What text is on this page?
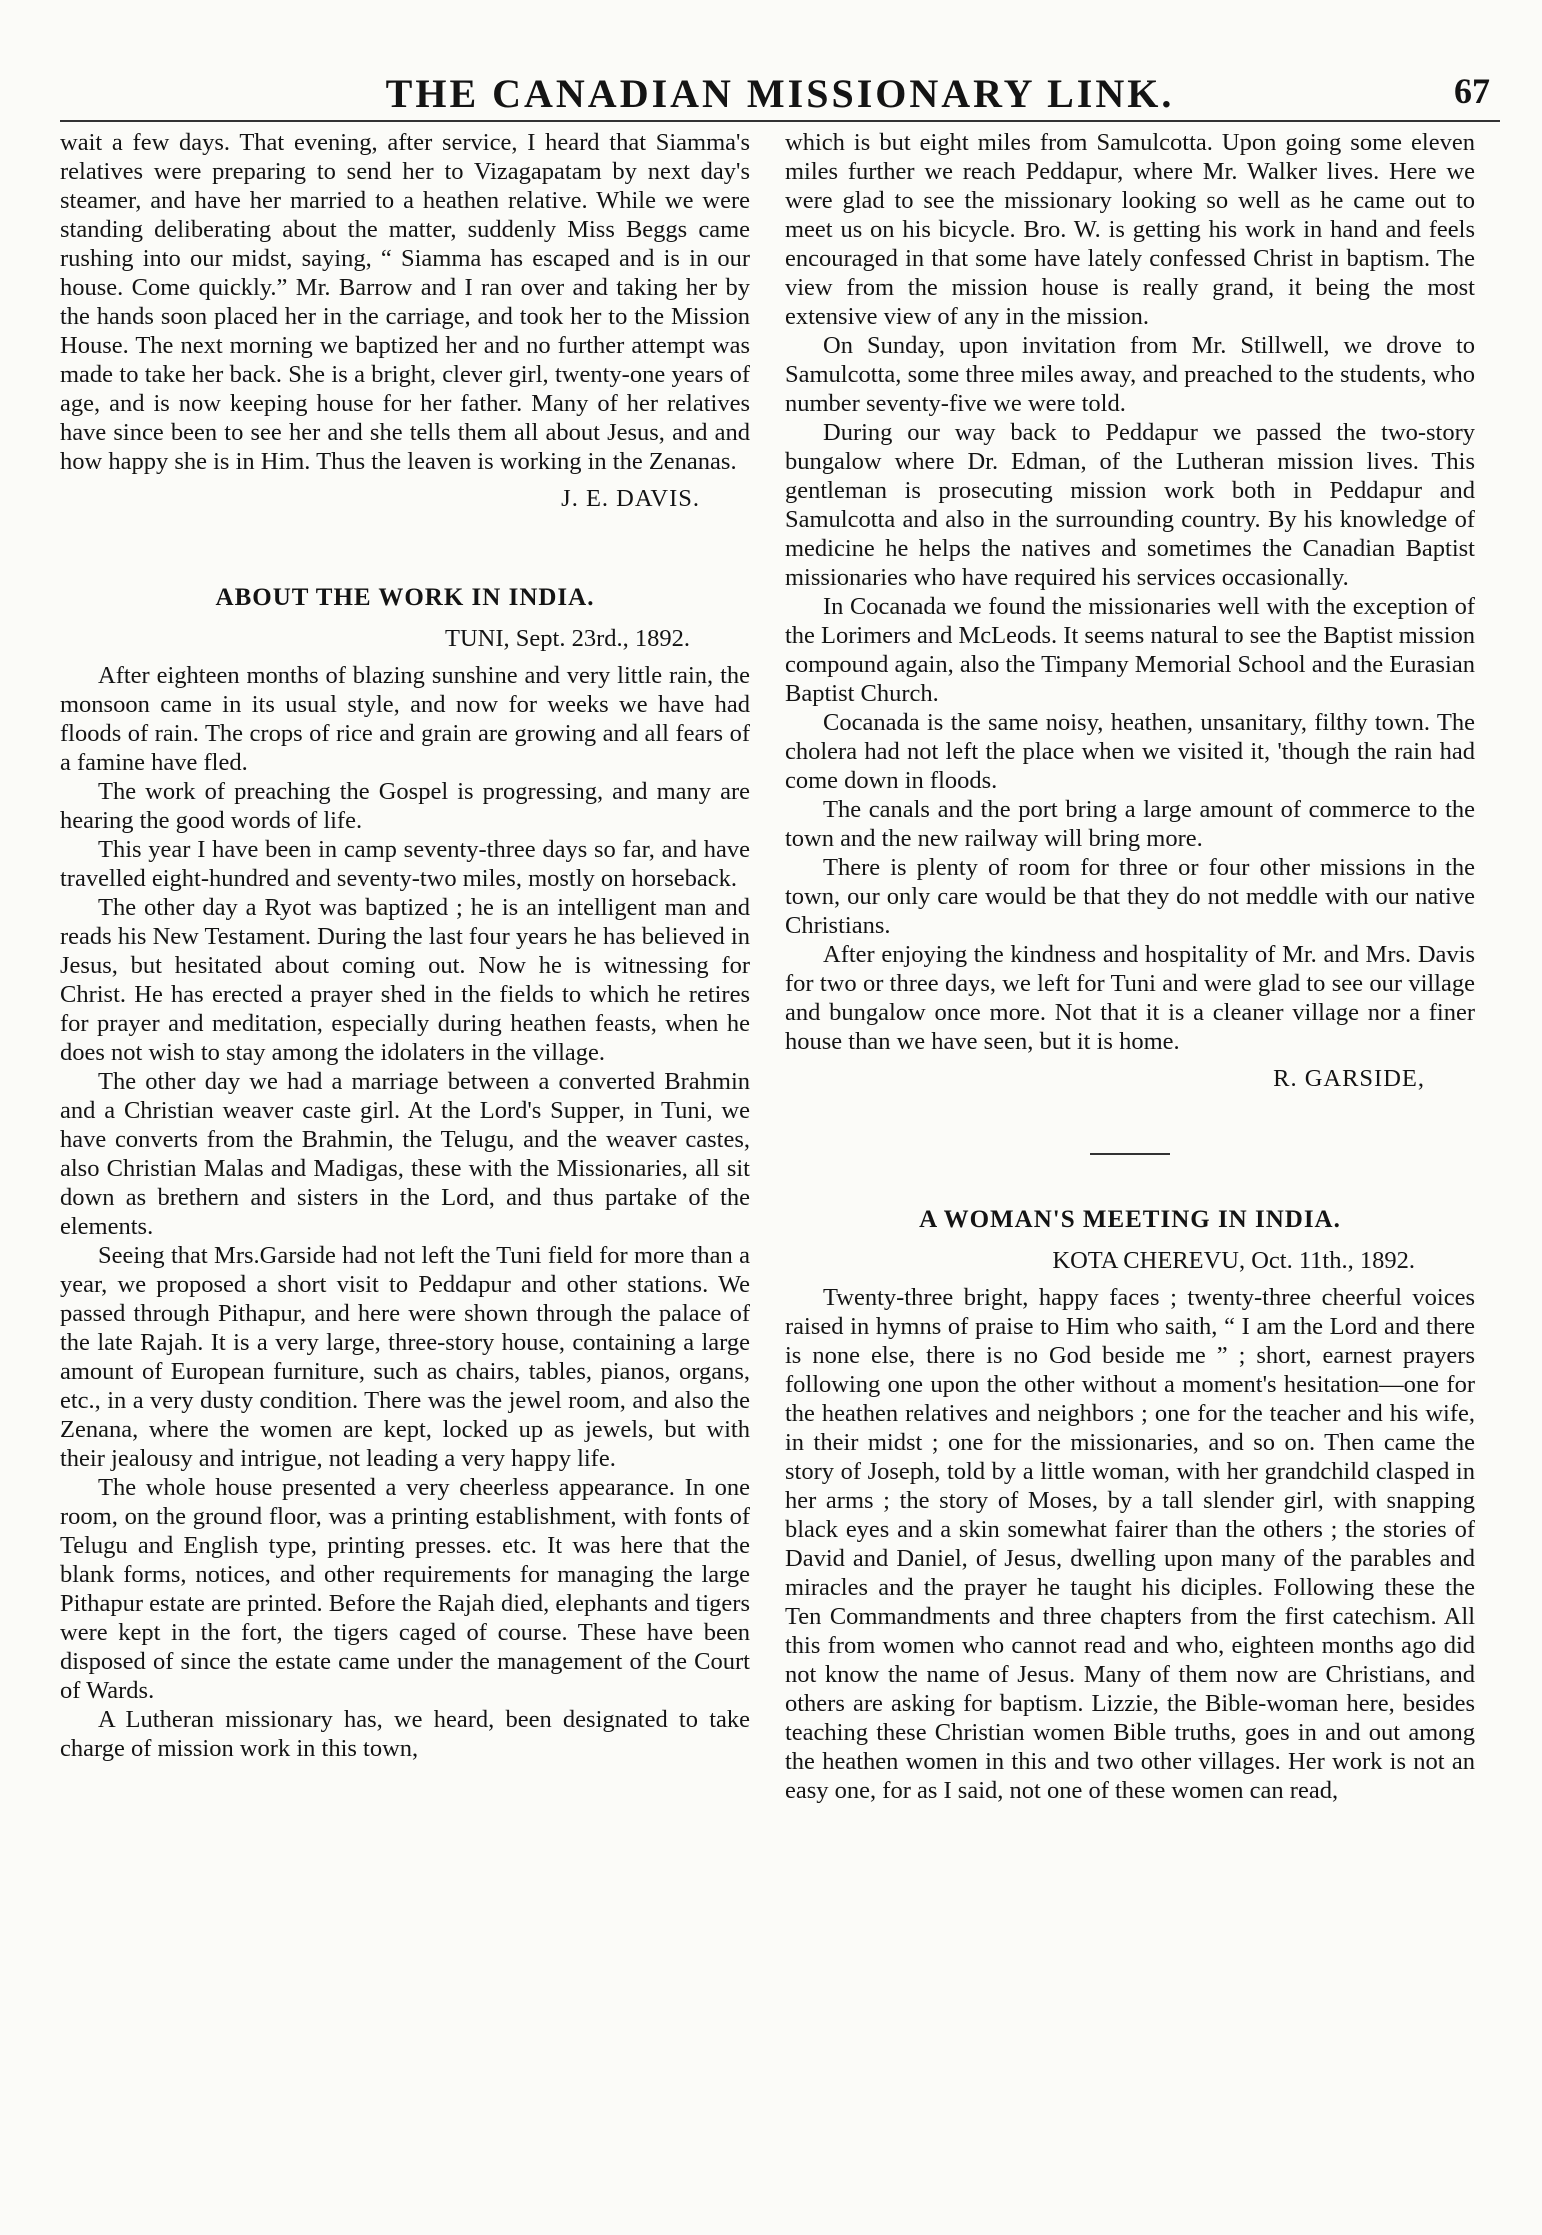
THE CANADIAN MISSIONARY LINK.	67

wait a few days. That evening, after service, I heard that Siamma's relatives were preparing to send her to Vizagapatam by next day's steamer, and have her married to a heathen relative. While we were standing deliberating about the matter, suddenly Miss Beggs came rushing into our midst, saying, “ Siamma has escaped and is in our house. Come quickly.” Mr. Barrow and I ran over and taking her by the hands soon placed her in the carriage, and took her to the Mission House. The next morning we baptized her and no further attempt was made to take her back. She is a bright, clever girl, twenty-one years of age, and is now keeping house for her father. Many of her relatives have since been to see her and she tells them all about Jesus, and and how happy she is in Him. Thus the leaven is working in the Zenanas.

J. E. DAVIS.
ABOUT THE WORK IN INDIA.
TUNI, Sept. 23rd., 1892.

After eighteen months of blazing sunshine and very little rain, the monsoon came in its usual style, and now for weeks we have had floods of rain. The crops of rice and grain are growing and all fears of a famine have fled.

The work of preaching the Gospel is progressing, and many are hearing the good words of life.

This year I have been in camp seventy-three days so far, and have travelled eight-hundred and seventy-two miles, mostly on horseback.

The other day a Ryot was baptized ; he is an intelligent man and reads his New Testament. During the last four years he has believed in Jesus, but hesitated about coming out. Now he is witnessing for Christ. He has erected a prayer shed in the fields to which he retires for prayer and meditation, especially during heathen feasts, when he does not wish to stay among the idolaters in the village.

The other day we had a marriage between a converted Brahmin and a Christian weaver caste girl. At the Lord's Supper, in Tuni, we have converts from the Brahmin, the Telugu, and the weaver castes, also Christian Malas and Madigas, these with the Missionaries, all sit down as brethern and sisters in the Lord, and thus partake of the elements.

Seeing that Mrs.Garside had not left the Tuni field for more than a year, we proposed a short visit to Peddapur and other stations. We passed through Pithapur, and here were shown through the palace of the late Rajah. It is a very large, three-story house, containing a large amount of European furniture, such as chairs, tables, pianos, organs, etc., in a very dusty condition. There was the jewel room, and also the Zenana, where the women are kept, locked up as jewels, but with their jealousy and intrigue, not leading a very happy life.

The whole house presented a very cheerless appearance. In one room, on the ground floor, was a printing establishment, with fonts of Telugu and English type, printing presses. etc. It was here that the blank forms, notices, and other requirements for managing the large Pithapur estate are printed. Before the Rajah died, elephants and tigers were kept in the fort, the tigers caged of course. These have been disposed of since the estate came under the management of the Court of Wards.

A Lutheran missionary has, we heard, been designated to take charge of mission work in this town,

which is but eight miles from Samulcotta. Upon going some eleven miles further we reach Peddapur, where Mr. Walker lives. Here we were glad to see the missionary looking so well as he came out to meet us on his bicycle. Bro. W. is getting his work in hand and feels encouraged in that some have lately confessed Christ in baptism. The view from the mission house is really grand, it being the most extensive view of any in the mission.

On Sunday, upon invitation from Mr. Stillwell, we drove to Samulcotta, some three miles away, and preached to the students, who number seventy-five we were told.

During our way back to Peddapur we passed the two-story bungalow where Dr. Edman, of the Lutheran mission lives. This gentleman is prosecuting mission work both in Peddapur and Samulcotta and also in the surrounding country. By his knowledge of medicine he helps the natives and sometimes the Canadian Baptist missionaries who have required his services occasionally.

In Cocanada we found the missionaries well with the exception of the Lorimers and McLeods. It seems natural to see the Baptist mission compound again, also the Timpany Memorial School and the Eurasian Baptist Church.

Cocanada is the same noisy, heathen, unsanitary, filthy town. The cholera had not left the place when we visited it, 'though the rain had come down in floods.

The canals and the port bring a large amount of commerce to the town and the new railway will bring more.

There is plenty of room for three or four other missions in the town, our only care would be that they do not meddle with our native Christians.

After enjoying the kindness and hospitality of Mr. and Mrs. Davis for two or three days, we left for Tuni and were glad to see our village and bungalow once more. Not that it is a cleaner village nor a finer house than we have seen, but it is home.

R. GARSIDE,
A WOMAN'S MEETING IN INDIA.
KOTA CHEREVU, Oct. 11th., 1892.

Twenty-three bright, happy faces ; twenty-three cheerful voices raised in hymns of praise to Him who saith, “ I am the Lord and there is none else, there is no God beside me ” ; short, earnest prayers following one upon the other without a moment's hesitation—one for the heathen relatives and neighbors ; one for the teacher and his wife, in their midst ; one for the missionaries, and so on. Then came the story of Joseph, told by a little woman, with her grandchild clasped in her arms ; the story of Moses, by a tall slender girl, with snapping black eyes and a skin somewhat fairer than the others ; the stories of David and Daniel, of Jesus, dwelling upon many of the parables and miracles and the prayer he taught his diciples. Following these the Ten Commandments and three chapters from the first catechism. All this from women who cannot read and who, eighteen months ago did not know the name of Jesus. Many of them now are Christians, and others are asking for baptism. Lizzie, the Bible-woman here, besides teaching these Christian women Bible truths, goes in and out among the heathen women in this and two other villages. Her work is not an easy one, for as I said, not one of these women can read,
